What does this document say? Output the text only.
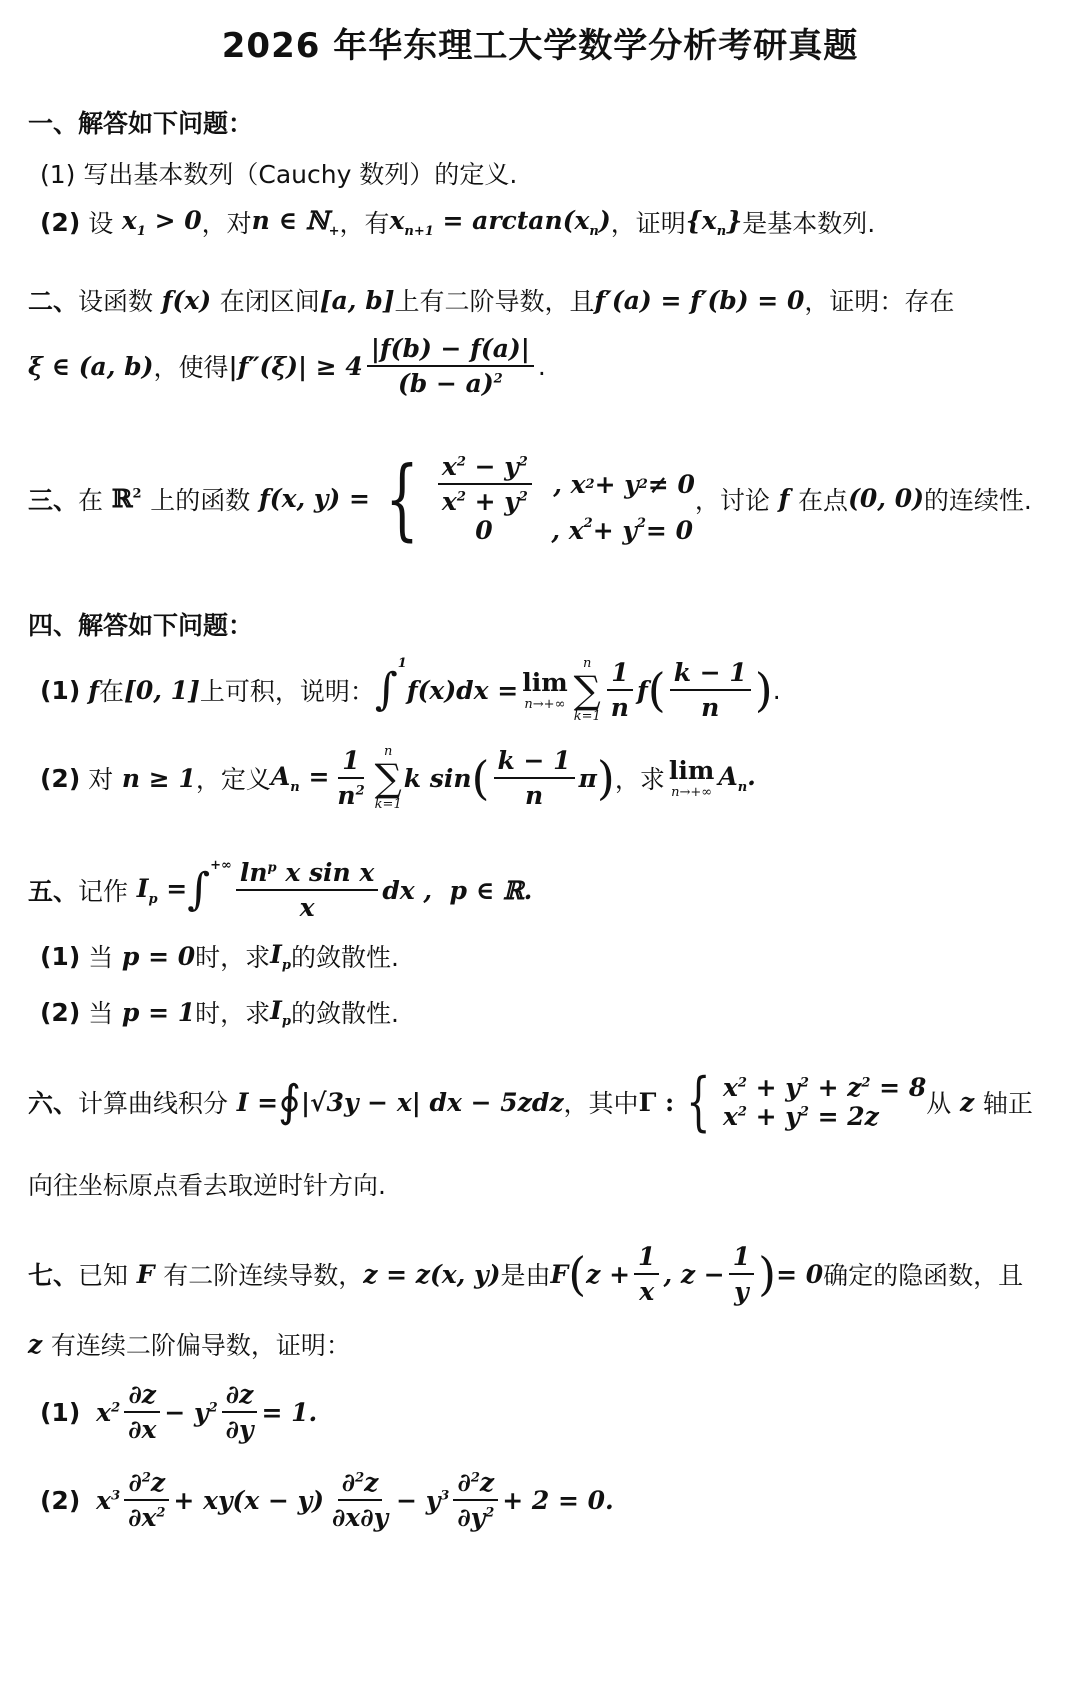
2026 年华东理工大学数学分析考研真题
一、解答如下问题：
(1) 写出基本数列（Cauchy 数列）的定义.
(2)
设 $x_1 > 0$ ，对 n ∈ ℕ$_+$ ，有 $x_{n+1} = \arctan(x_n)$ ，证明 $\{x_n\}$ 是基本数列.
二、 设函数 f(x) 在闭区间 [a, b] 上有二阶导数，且 f′(a) = f′(b) = 0 ，证明：存在
ξ ∈ (a, b) ，使得 $|f''(\xi)| \ge 4 \frac{|f(b) - f(a)|}{(b - a)^2}$ .
三、 在 ℝ$^2$ 上的函数 f(x, y) = { $\frac{x^2 - y^2}{x^2 + y^2}$ , x 2 + y 2 ≠ 0
0	, x 2 + y 2 = 0
，讨论 f 在点 (0, 0) 的连续性.
四、解答如下问题：
(1)
f 在 [0, 1] 上可积，说明： ∫
1
f(x)dx = lim
n→+∞
n
∑
$k=1 \frac{1}{n}$ f ( $\frac{k - 1}{n}$ ) .
(2)
对 n ≥ 1 ，定义 $A_n = \frac{1}{n^2}$ n
∑
k=1
k sin ( $\frac{k - 1}{n}$ π ) ，求 lim
n→+∞
$A_n$.
五、 记作 $I_p$ = ∫ +∞ $\frac{\ln^p x \sin x}{x}$ dx ,  p ∈ ℝ.
(1)
当 p = 0 时，求 $I_p$ 的敛散性.
(2)
当 p = 1 时，求 $I_p$ 的敛散性.
六、 计算曲线积分 I = ∮ |√3y − x| dx − 5zdz ，其中 Γ : { $x^2 + y^2 + z^2 = 8$
$x^2 + y^2 = 2z$	从 z 轴正
向往坐标原点看去取逆时针方向.
七、 已知 F 有二阶连续导数， z = z(x, y) 是由 F ( $z + \frac{1}{x}$ , $z - \frac{1}{y}$ ) = 0 确定的隐函数，且
z 有连续二阶偏导数，证明：
(1)
$x^2 \frac{\partial z}{\partial x} - y^2 \frac{\partial z}{\partial y} = 1$.
(2)
$x^3 \frac{\partial^2z}{\partial x^2} + xy(x - y) \frac{\partial^2z}{\partial x\partial y} - y^3 \frac{\partial^2z}{\partial y^2} + 2 = 0$.
